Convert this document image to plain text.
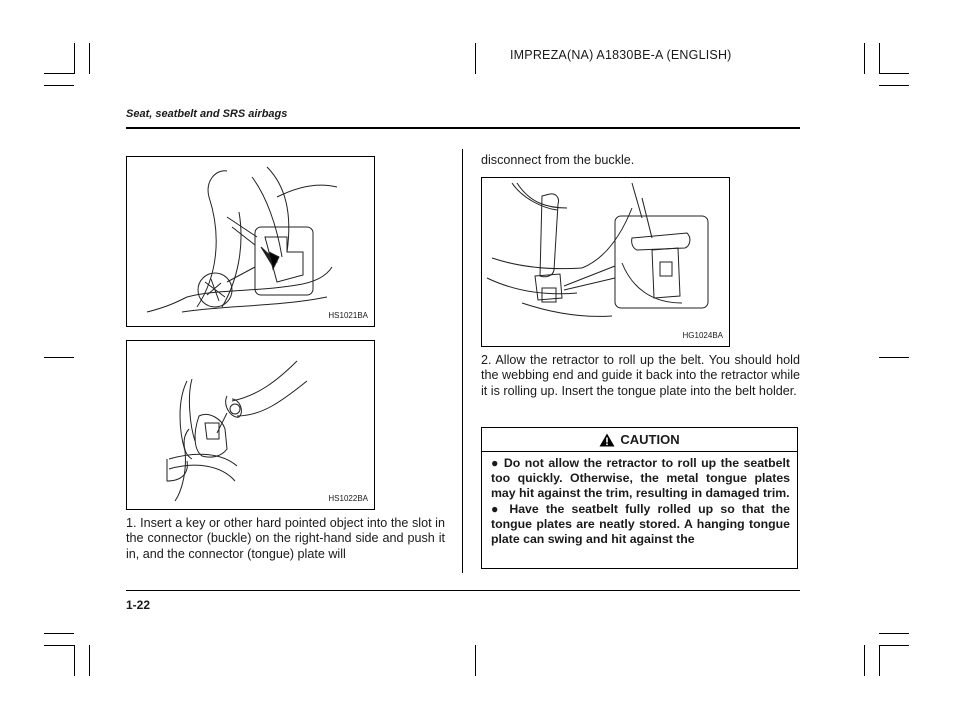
IMPREZA(NA) A1830BE-A (ENGLISH)
Seat, seatbelt and SRS airbags
HS1021BA
HS1022BA
1. Insert a key or other hard pointed object into the slot in the connector (buckle) on the right-hand side and push it in, and the connector (tongue) plate will
disconnect from the buckle.
HG1024BA
2. Allow the retractor to roll up the belt. You should hold the webbing end and guide it back into the retractor while it is rolling up. Insert the tongue plate into the belt holder.
CAUTION

● Do not allow the retractor to roll up the seatbelt too quickly. Otherwise, the metal tongue plates may hit against the trim, resulting in damaged trim.

● Have the seatbelt fully rolled up so that the tongue plates are neatly stored. A hanging tongue plate can swing and hit against the

1-22
